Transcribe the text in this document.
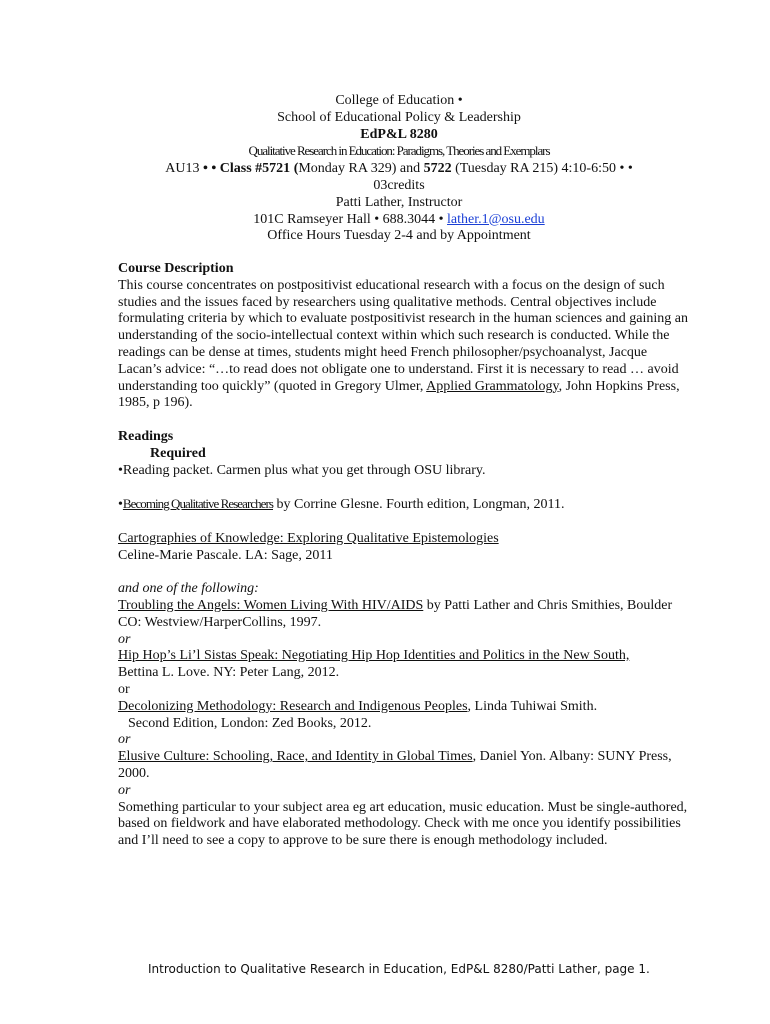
College of Education •
School of Educational Policy & Leadership
EdP&L 8280
Qualitative Research in Education: Paradigms, Theories and Exemplars
AU13 • • Class #5721 (Monday RA 329) and 5722 (Tuesday RA 215) 4:10-6:50 • •
03credits
Patti Lather, Instructor
101C Ramseyer Hall • 688.3044 • lather.1@osu.edu
Office Hours Tuesday 2-4 and by Appointment

Course Description

This course concentrates on postpositivist educational research with a focus on the design of such studies and the issues faced by researchers using qualitative methods. Central objectives include formulating criteria by which to evaluate postpositivist research in the human sciences and gaining an understanding of the socio-intellectual context within which such research is conducted. While the readings can be dense at times, students might heed French philosopher/psychoanalyst, Jacque Lacan’s advice: “…to read does not obligate one to understand. First it is necessary to read … avoid understanding too quickly” (quoted in Gregory Ulmer, Applied Grammatology, John Hopkins Press, 1985, p 196).

Readings

Required

•Reading packet. Carmen plus what you get through OSU library.

•Becoming Qualitative Researchers by Corrine Glesne. Fourth edition, Longman, 2011.

Cartographies of Knowledge: Exploring Qualitative Epistemologies

Celine-Marie Pascale. LA: Sage, 2011

and one of the following:

Troubling the Angels: Women Living With HIV/AIDS by Patti Lather and Chris Smithies, Boulder CO: Westview/HarperCollins, 1997.

or

Hip Hop’s Li’l Sistas Speak: Negotiating Hip Hop Identities and Politics in the New South,

Bettina L. Love. NY: Peter Lang, 2012.

or

Decolonizing Methodology: Research and Indigenous Peoples, Linda Tuhiwai Smith.

Second Edition, London: Zed Books, 2012.

or

Elusive Culture: Schooling, Race, and Identity in Global Times, Daniel Yon. Albany: SUNY Press, 2000.

or

Something particular to your subject area eg art education, music education. Must be single-authored, based on fieldwork and have elaborated methodology. Check with me once you identify possibilities and I’ll need to see a copy to approve to be sure there is enough methodology included.

Introduction to Qualitative Research in Education, EdP&L 8280/Patti Lather, page 1.
